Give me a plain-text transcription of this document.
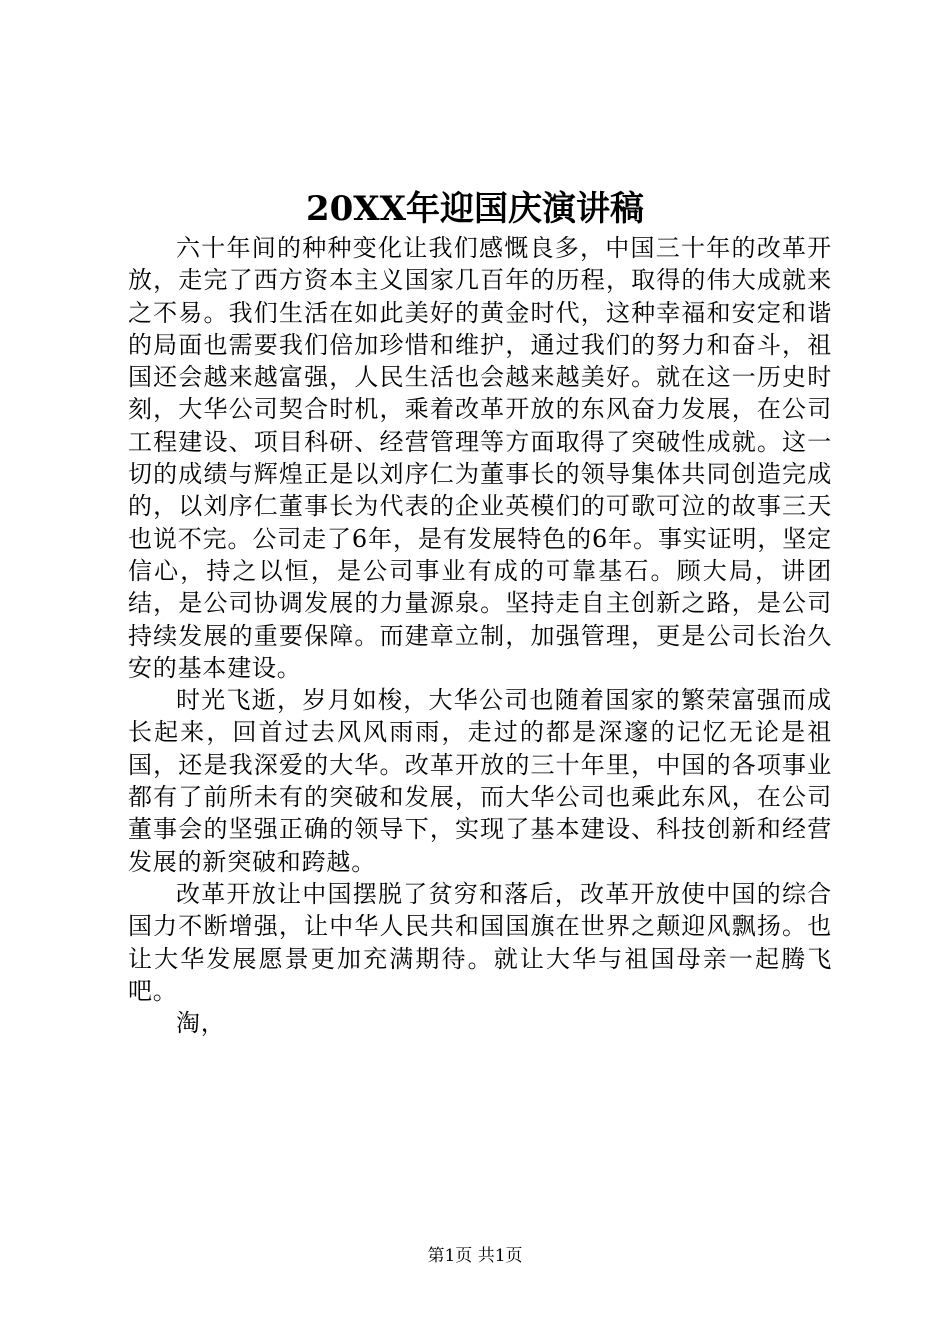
20XX年迎国庆演讲稿

六十年间的种种变化让我们感慨良多，中国三十年的改革开放，走完了西方资本主义国家几百年的历程，取得的伟大成就来之不易。我们生活在如此美好的黄金时代，这种幸福和安定和谐的局面也需要我们倍加珍惜和维护，通过我们的努力和奋斗，祖国还会越来越富强，人民生活也会越来越美好。就在这一历史时刻，大华公司契合时机，乘着改革开放的东风奋力发展，在公司工程建设、项目科研、经营管理等方面取得了突破性成就。这一切的成绩与辉煌正是以刘序仁为董事长的领导集体共同创造完成的，以刘序仁董事长为代表的企业英模们的可歌可泣的故事三天也说不完。公司走了6年，是有发展特色的6年。事实证明，坚定信心，持之以恒，是公司事业有成的可靠基石。顾大局，讲团结，是公司协调发展的力量源泉。坚持走自主创新之路，是公司持续发展的重要保障。而建章立制，加强管理，更是公司长治久安的基本建设。

时光飞逝，岁月如梭，大华公司也随着国家的繁荣富强而成长起来，回首过去风风雨雨，走过的都是深邃的记忆无论是祖国，还是我深爱的大华。改革开放的三十年里，中国的各项事业都有了前所未有的突破和发展，而大华公司也乘此东风，在公司董事会的坚强正确的领导下，实现了基本建设、科技创新和经营发展的新突破和跨越。

改革开放让中国摆脱了贫穷和落后，改革开放使中国的综合国力不断增强，让中华人民共和国国旗在世界之颠迎风飘扬。也让大华发展愿景更加充满期待。就让大华与祖国母亲一起腾飞吧。

淘，

第1页 共1页
